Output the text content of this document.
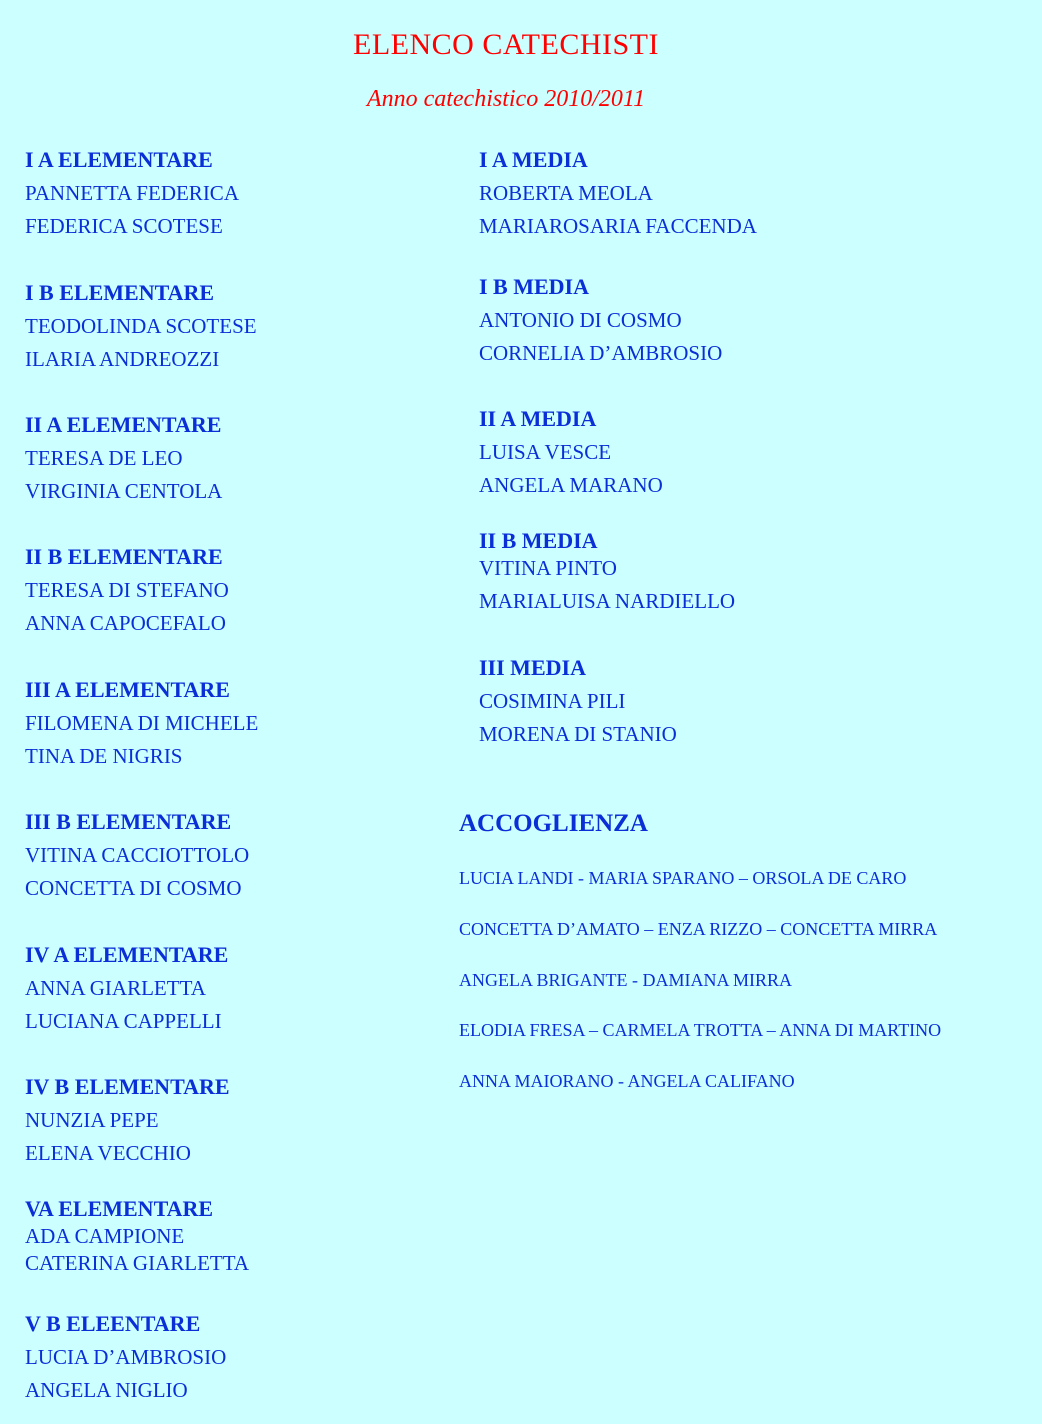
ELENCO CATECHISTI
Anno catechistico 2010/2011
I A ELEMENTARE
PANNETTA FEDERICA
FEDERICA SCOTESE
I B ELEMENTARE
TEODOLINDA SCOTESE
ILARIA ANDREOZZI
II A ELEMENTARE
TERESA DE LEO
VIRGINIA CENTOLA
II B ELEMENTARE
TERESA DI STEFANO
ANNA CAPOCEFALO
III A ELEMENTARE
FILOMENA DI MICHELE
TINA DE NIGRIS
III B ELEMENTARE
VITINA CACCIOTTOLO
CONCETTA DI COSMO
IV A ELEMENTARE
ANNA GIARLETTA
LUCIANA CAPPELLI
IV B ELEMENTARE
NUNZIA PEPE
ELENA VECCHIO
VA ELEMENTARE
ADA CAMPIONE
CATERINA GIARLETTA
V B ELEENTARE
LUCIA D’AMBROSIO
ANGELA NIGLIO
I A MEDIA
ROBERTA MEOLA
MARIAROSARIA FACCENDA
I B MEDIA
ANTONIO DI COSMO
CORNELIA D’AMBROSIO
II A MEDIA
LUISA VESCE
ANGELA MARANO
II B MEDIA
VITINA PINTO
MARIALUISA NARDIELLO
III MEDIA
COSIMINA PILI
MORENA DI STANIO
ACCOGLIENZA
LUCIA LANDI - MARIA SPARANO – ORSOLA DE CARO
CONCETTA D’AMATO – ENZA RIZZO – CONCETTA MIRRA
ANGELA BRIGANTE - DAMIANA MIRRA
ELODIA FRESA – CARMELA TROTTA – ANNA DI MARTINO
ANNA MAIORANO - ANGELA CALIFANO
